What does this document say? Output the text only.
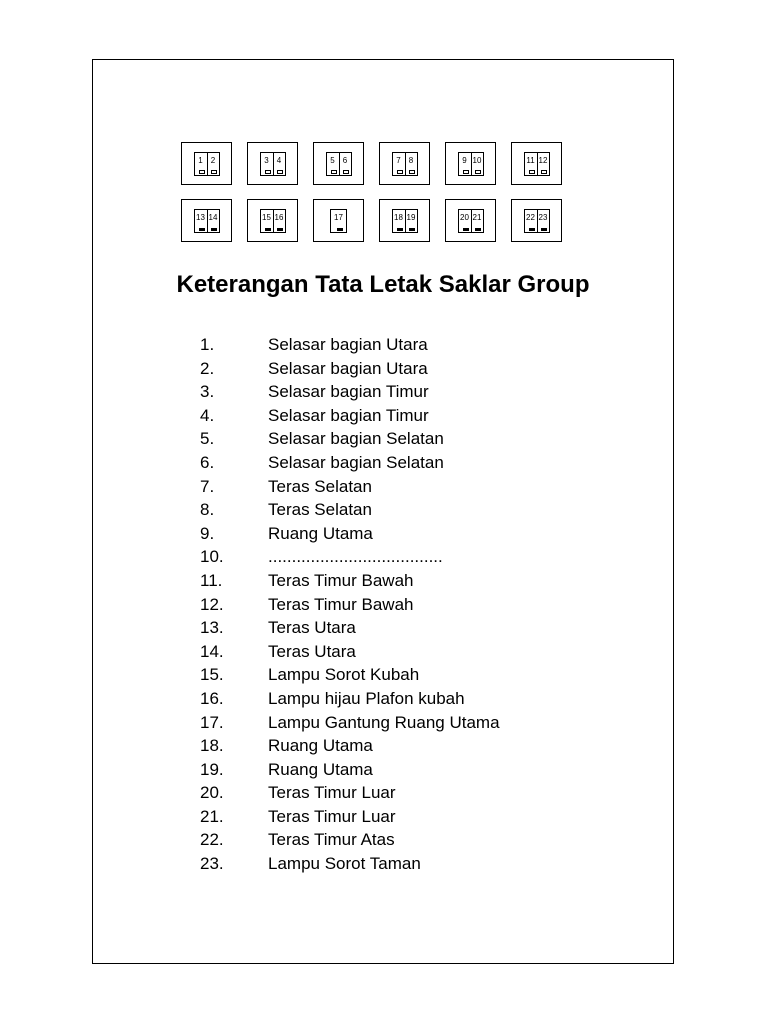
1	2	3	4	5	6	7	8	9 10	11 12
13 14	15 16	17	18 19	20 21	22 23
Keterangan Tata Letak Saklar Group
1.	Selasar bagian Utara
2.	Selasar bagian Utara
3.	Selasar bagian Timur
4.	Selasar bagian Timur
5.	Selasar bagian Selatan
6.	Selasar bagian Selatan
7.	Teras Selatan
8.	Teras Selatan
9.	Ruang Utama
10.	.....................................
11.	Teras Timur Bawah
12.	Teras Timur Bawah
13.	Teras Utara
14.	Teras Utara
15.	Lampu Sorot Kubah
16.	Lampu hijau Plafon kubah
17.	Lampu Gantung Ruang Utama
18.	Ruang Utama
19.	Ruang Utama
20.	Teras Timur Luar
21.	Teras Timur Luar
22.	Teras Timur Atas
23.	Lampu Sorot Taman
